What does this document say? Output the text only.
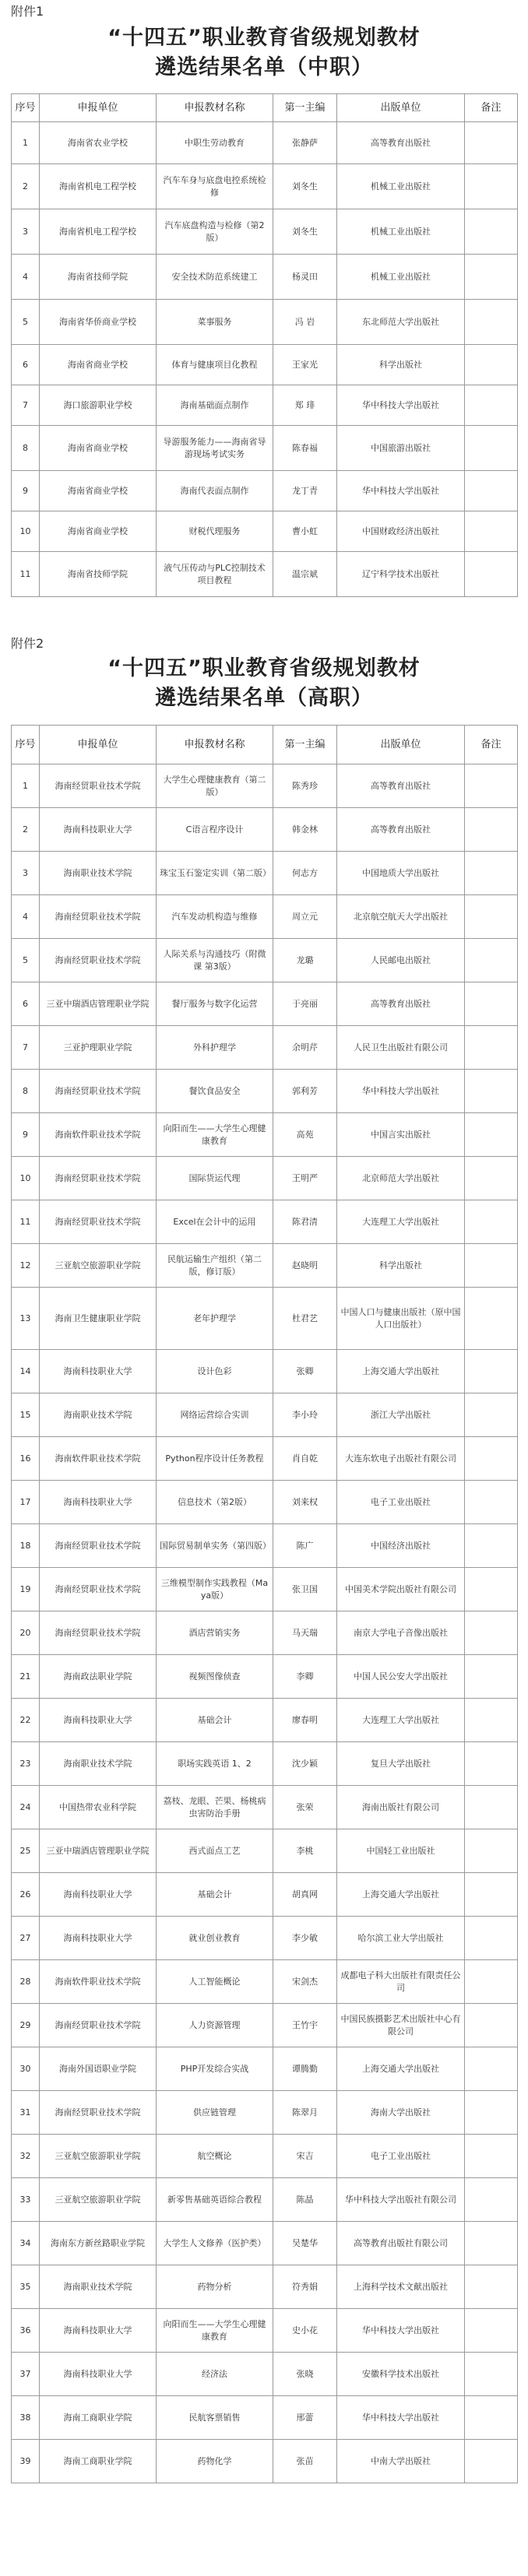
附件1
“十四五”职业教育省级规划教材
遴选结果名单（中职）
序号	申报单位	申报教材名称	第一主编	出版单位	备注
1	海南省农业学校	中职生劳动教育	张静萨	高等教育出版社	
2	海南省机电工程学校	汽车车身与底盘电控系统检修	刘冬生	机械工业出版社	
3	海南省机电工程学校	汽车底盘构造与检修（第2版）	刘冬生	机械工业出版社	
4	海南省技师学院	安全技术防范系统建工	杨灵田	机械工业出版社	
5	海南省华侨商业学校	菜事服务	冯 岩	东北师范大学出版社	
6	海南省商业学校	体育与健康项目化教程	王家光	科学出版社	
7	海口旅游职业学校	海南基础面点制作	郑 琲	华中科技大学出版社	
8	海南省商业学校	导游服务能力——海南省导游现场考试实务	陈春福	中国旅游出版社	
9	海南省商业学校	海南代表面点制作	龙丁青	华中科技大学出版社	
10	海南省商业学校	财税代理服务	曹小虹	中国财政经济出版社	
11	海南省技师学院	液气压传动与PLC控制技术项目教程	温宗斌	辽宁科学技术出版社	
附件2
“十四五”职业教育省级规划教材
遴选结果名单（高职）
序号	申报单位	申报教材名称	第一主编	出版单位	备注
1	海南经贸职业技术学院	大学生心理健康教育（第二版）	陈秀珍	高等教育出版社	
2	海南科技职业大学	C语言程序设计	韩金林	高等教育出版社	
3	海南职业技术学院	珠宝玉石鉴定实训（第二版）	何志方	中国地质大学出版社	
4	海南经贸职业技术学院	汽车发动机构造与维修	周立元	北京航空航天大学出版社	
5	海南经贸职业技术学院	人际关系与沟通技巧（附微课 第3版）	龙璐	人民邮电出版社	
6	三亚中瑞酒店管理职业学院	餐厅服务与数字化运营	于亮丽	高等教育出版社	
7	三亚护理职业学院	外科护理学	余明芹	人民卫生出版社有限公司	
8	海南经贸职业技术学院	餐饮食品安全	郭利芳	华中科技大学出版社	
9	海南软件职业技术学院	向阳而生——大学生心理健康教育	高苑	中国言实出版社	
10	海南经贸职业技术学院	国际货运代理	王明严	北京师范大学出版社	
11	海南经贸职业技术学院	Excel在会计中的运用	陈君清	大连理工大学出版社	
12	三亚航空旅游职业学院	民航运输生产组织（第二版，修订版）	赵晓明	科学出版社	
13	海南卫生健康职业学院	老年护理学	杜君艺	中国人口与健康出版社（原中国人口出版社）	
14	海南科技职业大学	设计色彩	张卿	上海交通大学出版社	
15	海南职业技术学院	网络运营综合实训	李小玲	浙江大学出版社	
16	海南软件职业技术学院	Python程序设计任务教程	肖自乾	大连东软电子出版社有限公司	
17	海南科技职业大学	信息技术（第2版）	刘来权	电子工业出版社	
18	海南经贸职业技术学院	国际贸易制单实务（第四版）	陈广	中国经济出版社	
19	海南经贸职业技术学院	三维模型制作实践教程（Maya版）	张卫国	中国美术学院出版社有限公司	
20	海南经贸职业技术学院	酒店营销实务	马天瑞	南京大学电子音像出版社	
21	海南政法职业学院	视频图像侦查	李卿	中国人民公安大学出版社	
22	海南科技职业大学	基础会计	廖春明	大连理工大学出版社	
23	海南职业技术学院	职场实践英语 1、2	沈少颖	复旦大学出版社	
24	中国热带农业科学院	荔枝、龙眼、芒果、杨桃病虫害防治手册	张荣	海南出版社有限公司	
25	三亚中瑞酒店管理职业学院	西式面点工艺	李桃	中国轻工业出版社	
26	海南科技职业大学	基础会计	胡真网	上海交通大学出版社	
27	海南科技职业大学	就业创业教育	李少敏	哈尔滨工业大学出版社	
28	海南软件职业技术学院	人工智能概论	宋剑杰	成都电子科大出版社有限责任公司	
29	海南经贸职业技术学院	人力资源管理	王竹宇	中国民族摄影艺术出版社中心有限公司	
30	海南外国语职业学院	PHP开发综合实战	谭腾勤	上海交通大学出版社	
31	海南经贸职业技术学院	供应链管理	陈翠月	海南大学出版社	
32	三亚航空旅游职业学院	航空概论	宋吉	电子工业出版社	
33	三亚航空旅游职业学院	新零售基础英语综合教程	陈晶	华中科技大学出版社有限公司	
34	海南东方新丝路职业学院	大学生人文修养（医护类）	吴楚华	高等教育出版社有限公司	
35	海南职业技术学院	药物分析	符秀娟	上海科学技术文献出版社	
36	海南科技职业大学	向阳而生——大学生心理健康教育	史小花	华中科技大学出版社	
37	海南科技职业大学	经济法	张晓	安徽科学技术出版社	
38	海南工商职业学院	民航客票销售	邢蕾	华中科技大学出版社	
39	海南工商职业学院	药物化学	张苗	中南大学出版社	
